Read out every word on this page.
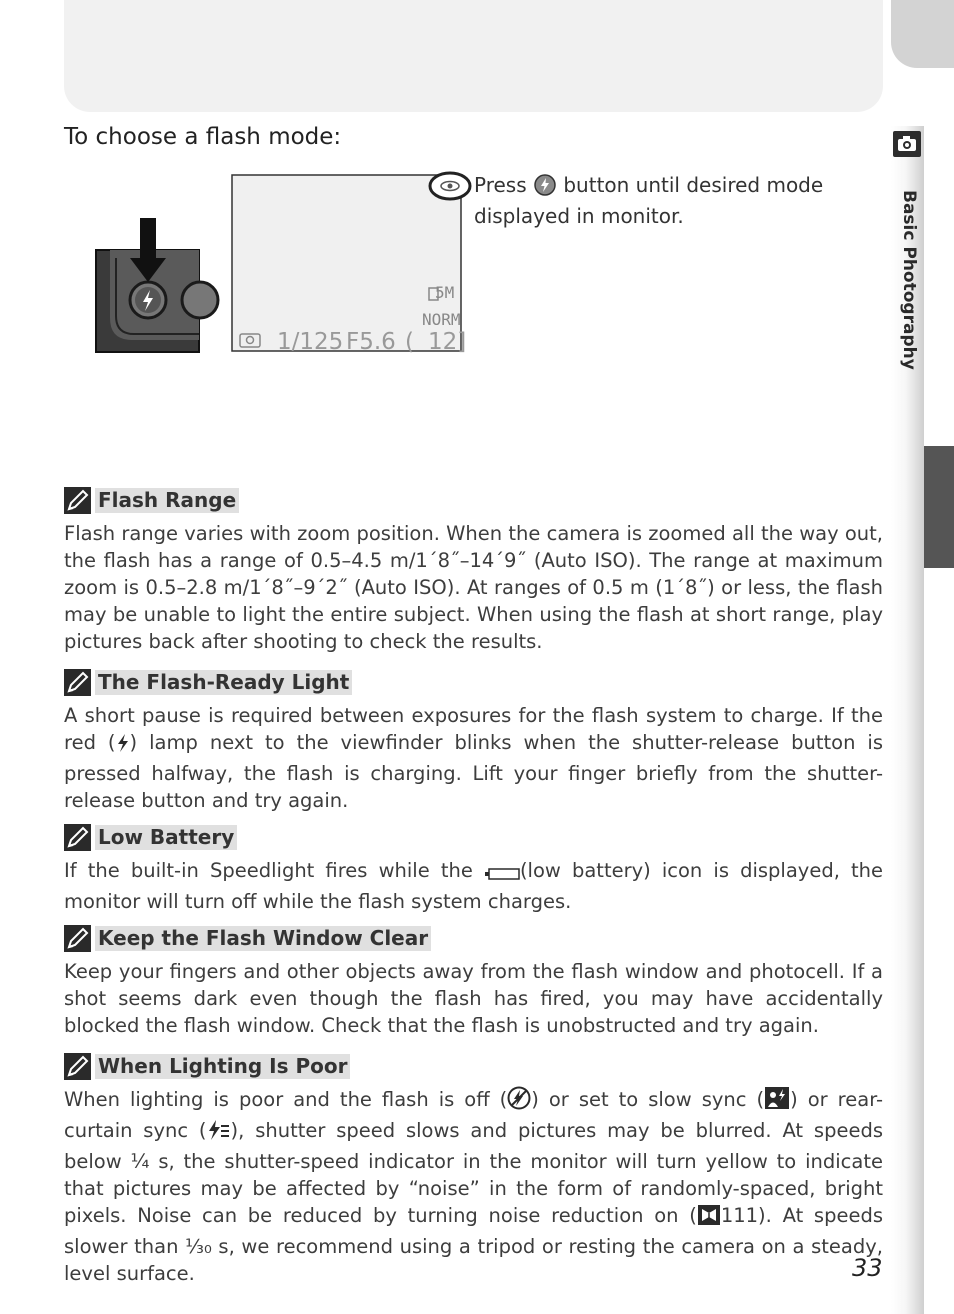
Basic Photography
To choose a flash mode:
5M
NORM
1/125 F5.6 ( 12]
Press button until desired mode displayed in monitor.
Flash Range
Flash range varies with zoom position. When the camera is zoomed all the way out, the flash has a range of 0.5–4.5 m/1´8˝–14´9˝ (Auto ISO). The range at maximum zoom is 0.5–2.8 m/1´8˝–9´2˝ (Auto ISO). At ranges of 0.5 m (1´8˝) or less, the flash may be unable to light the entire subject. When using the flash at short range, play pictures back after shooting to check the results.
The Flash-Ready Light
A short pause is required between exposures for the flash system to charge. If the red ( ) lamp next to the viewfinder blinks when the shutter-release button is pressed halfway, the flash is charging. Lift your finger briefly from the shutter-release button and try again.
Low Battery
If the built-in Speedlight fires while the (low battery) icon is displayed, the monitor will turn off while the flash system charges.
Keep the Flash Window Clear
Keep your fingers and other objects away from the flash window and photocell. If a shot seems dark even though the flash has fired, you may have accidentally blocked the flash window. Check that the flash is unobstructed and try again.
When Lighting Is Poor
When lighting is poor and the flash is off ( ) or set to slow sync ( ) or rear-curtain sync ( ), shutter speed slows and pictures may be blurred. At speeds below ¼ s, the shutter-speed indicator in the monitor will turn yellow to indicate that pictures may be affected by “noise” in the form of randomly-spaced, bright pixels. Noise can be reduced by turning noise reduction on ( 111). At speeds slower than ¹⁄₃₀ s, we recommend using a tripod or resting the camera on a steady, level surface.	33
